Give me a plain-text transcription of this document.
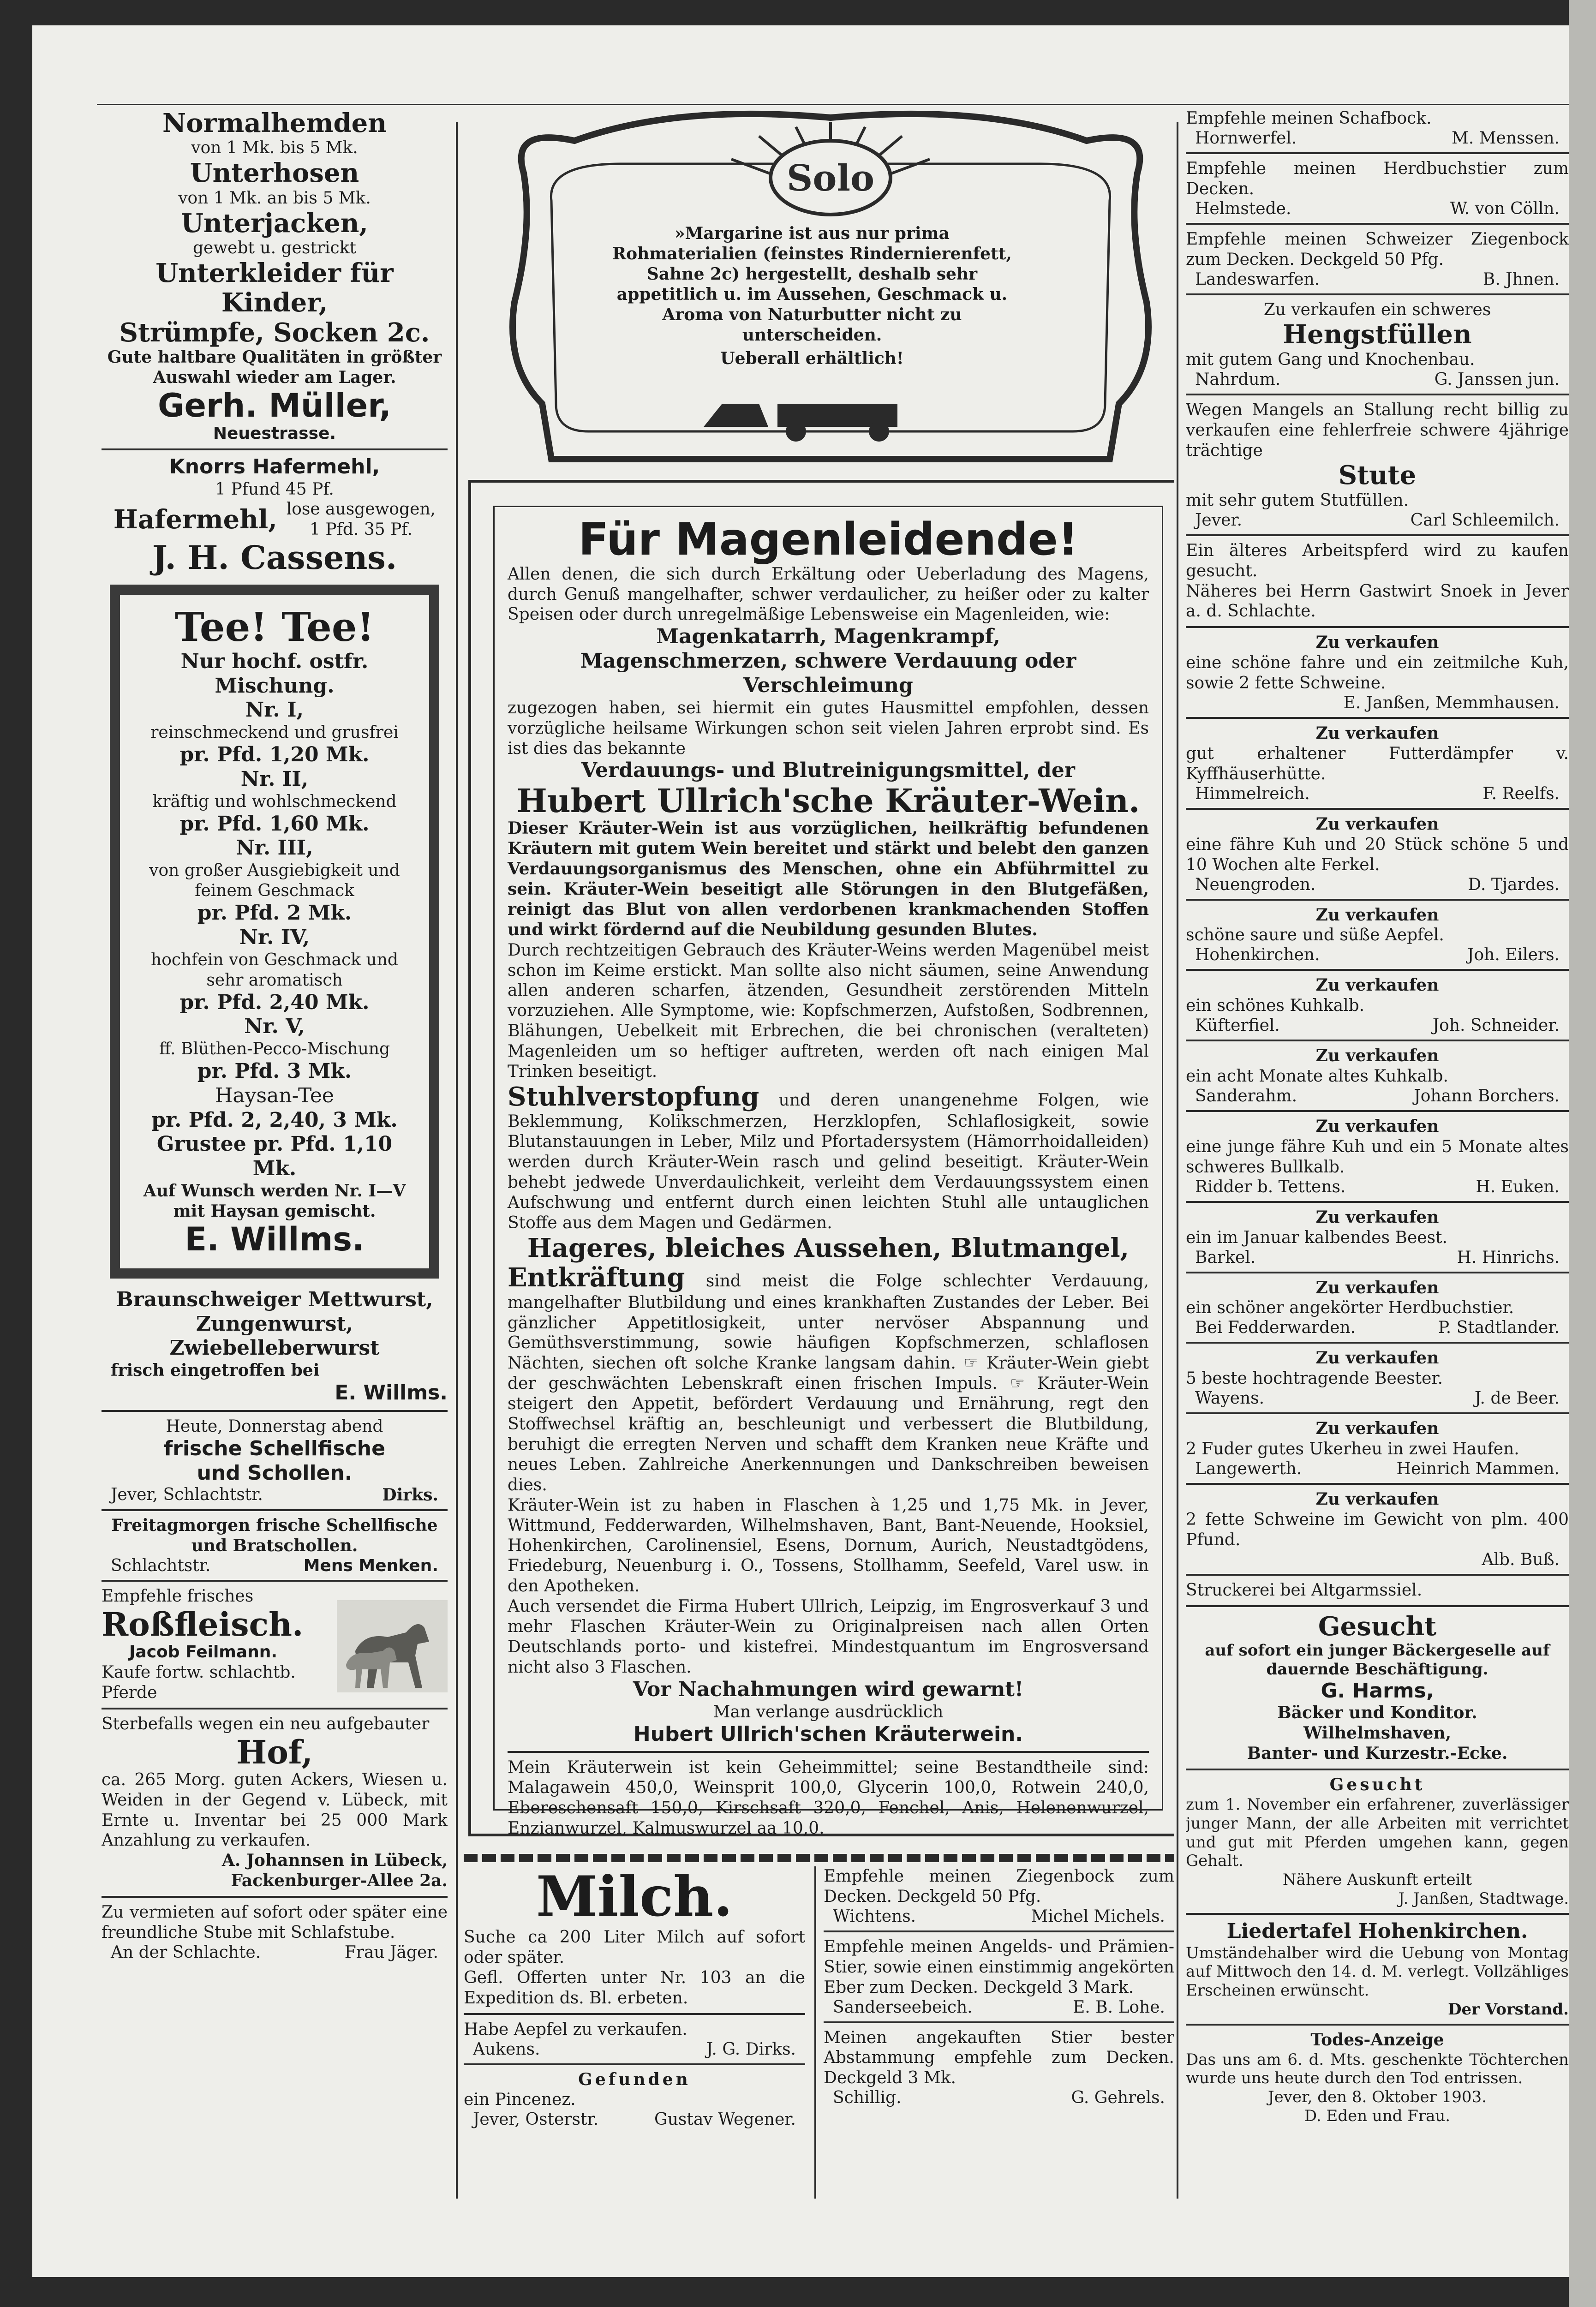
Normalhemden

von 1 Mk. bis 5 Mk.

Unterhosen

von 1 Mk. an bis 5 Mk.

Unterjacken,

gewebt u. gestrickt

Unterkleider für Kinder,

Strümpfe, Socken 2c.

Gute haltbare Qualitäten in größter Auswahl wieder am Lager.

Gerh. Müller,

Neuestrasse.

Knorrs Hafermehl,

1 Pfund 45 Pf.

Hafermehl, lose ausgewogen,
1 Pfd. 35 Pf.

J. H. Cassens.

Tee! Tee!

Nur hochf. ostfr. Mischung.

Nr. I,

reinschmeckend und grusfrei

pr. Pfd. 1,20 Mk.

Nr. II,

kräftig und wohlschmeckend

pr. Pfd. 1,60 Mk.

Nr. III,

von großer Ausgiebigkeit und feinem Geschmack

pr. Pfd. 2 Mk.

Nr. IV,

hochfein von Geschmack und sehr aromatisch

pr. Pfd. 2,40 Mk.

Nr. V,

ff. Blüthen-Pecco-Mischung

pr. Pfd. 3 Mk.

Haysan-Tee

pr. Pfd. 2, 2,40, 3 Mk.

Grustee pr. Pfd. 1,10 Mk.

Auf Wunsch werden Nr. I—V mit Haysan gemischt.

E. Willms.

Braunschweiger Mettwurst,

Zungenwurst, Zwiebelleberwurst

frisch eingetroffen bei

E. Willms.

Heute, Donnerstag abend

frische Schellfische

und Schollen.

Jever, Schlachtstr.	Dirks.

Freitagmorgen frische Schellfische und Bratschollen.

Schlachtstr.	Mens Menken.

Empfehle frisches

Roßfleisch.

Jacob Feilmann.

Kaufe fortw. schlachtb.

Pferde

Sterbefalls wegen ein neu aufgebauter

Hof,

ca. 265 Morg. guten Ackers, Wiesen u. Weiden in der Gegend v. Lübeck, mit Ernte u. Inventar bei 25 000 Mark Anzahlung zu verkaufen.

A. Johannsen in Lübeck, Fackenburger-Allee 2a.

Zu vermieten auf sofort oder später eine freundliche Stube mit Schlafstube.

An der Schlachte.	Frau Jäger.
Solo

»Margarine ist aus nur prima Rohmaterialien (feinstes Rindernierenfett, Sahne 2c) hergestellt, deshalb sehr appetitlich u. im Aussehen, Geschmack u. Aroma von Naturbutter nicht zu unterscheiden.

Ueberall erhältlich!

Für Magenleidende!

Allen denen, die sich durch Erkältung oder Ueberladung des Magens, durch Genuß mangelhafter, schwer verdaulicher, zu heißer oder zu kalter Speisen oder durch unregelmäßige Lebensweise ein Magenleiden, wie:

Magenkatarrh, Magenkrampf,

Magenschmerzen, schwere Verdauung oder Verschleimung

zugezogen haben, sei hiermit ein gutes Hausmittel empfohlen, dessen vorzügliche heilsame Wirkungen schon seit vielen Jahren erprobt sind. Es ist dies das bekannte

Verdauungs- und Blutreinigungsmittel, der

Hubert Ullrich'sche Kräuter-Wein.

Dieser Kräuter-Wein ist aus vorzüglichen, heilkräftig befundenen Kräutern mit gutem Wein bereitet und stärkt und belebt den ganzen Verdauungsorganismus des Menschen, ohne ein Abführmittel zu sein. Kräuter-Wein beseitigt alle Störungen in den Blutgefäßen, reinigt das Blut von allen verdorbenen krankmachenden Stoffen und wirkt fördernd auf die Neubildung gesunden Blutes.

Durch rechtzeitigen Gebrauch des Kräuter-Weins werden Magenübel meist schon im Keime erstickt. Man sollte also nicht säumen, seine Anwendung allen anderen scharfen, ätzenden, Gesundheit zerstörenden Mitteln vorzuziehen. Alle Symptome, wie: Kopfschmerzen, Aufstoßen, Sodbrennen, Blähungen, Uebelkeit mit Erbrechen, die bei chronischen (veralteten) Magenleiden um so heftiger auftreten, werden oft nach einigen Mal Trinken beseitigt.

Stuhlverstopfung und deren unangenehme Folgen, wie Beklemmung, Kolikschmerzen, Herzklopfen, Schlaflosigkeit, sowie Blutanstauungen in Leber, Milz und Pfortadersystem (Hämorrhoidalleiden) werden durch Kräuter-Wein rasch und gelind beseitigt. Kräuter-Wein behebt jedwede Unverdaulichkeit, verleiht dem Verdauungssystem einen Aufschwung und entfernt durch einen leichten Stuhl alle untauglichen Stoffe aus dem Magen und Gedärmen.

Hageres, bleiches Aussehen, Blutmangel,

Entkräftung sind meist die Folge schlechter Verdauung, mangelhafter Blutbildung und eines krankhaften Zustandes der Leber. Bei gänzlicher Appetitlosigkeit, unter nervöser Abspannung und Gemüthsverstimmung, sowie häufigen Kopfschmerzen, schlaflosen Nächten, siechen oft solche Kranke langsam dahin. ☞ Kräuter-Wein giebt der geschwächten Lebenskraft einen frischen Impuls. ☞ Kräuter-Wein steigert den Appetit, befördert Verdauung und Ernährung, regt den Stoffwechsel kräftig an, beschleunigt und verbessert die Blutbildung, beruhigt die erregten Nerven und schafft dem Kranken neue Kräfte und neues Leben. Zahlreiche Anerkennungen und Dankschreiben beweisen dies.

Kräuter-Wein ist zu haben in Flaschen à 1,25 und 1,75 Mk. in Jever, Wittmund, Fedderwarden, Wilhelmshaven, Bant, Bant-Neuende, Hooksiel, Hohenkirchen, Carolinensiel, Esens, Dornum, Aurich, Neustadtgödens, Friedeburg, Neuenburg i. O., Tossens, Stollhamm, Seefeld, Varel usw. in den Apotheken.

Auch versendet die Firma Hubert Ullrich, Leipzig, im Engrosverkauf 3 und mehr Flaschen Kräuter-Wein zu Originalpreisen nach allen Orten Deutschlands porto- und kistefrei. Mindestquantum im Engrosversand nicht also 3 Flaschen.

Vor Nachahmungen wird gewarnt!

Man verlange ausdrücklich

Hubert Ullrich'schen Kräuterwein.

Mein Kräuterwein ist kein Geheimmittel; seine Bestandtheile sind: Malagawein 450,0, Weinsprit 100,0, Glycerin 100,0, Rotwein 240,0, Ebereschensaft 150,0, Kirschsaft 320,0, Fenchel, Anis, Helenenwurzel, Enzianwurzel, Kalmuswurzel aa 10,0.

Milch.

Suche ca 200 Liter Milch auf sofort oder später.

Gefl. Offerten unter Nr. 103 an die Expedition ds. Bl. erbeten.

Habe Aepfel zu verkaufen.

Aukens.	J. G. Dirks.

Gefunden

ein Pincenez.

Jever, Osterstr.	Gustav Wegener.

Empfehle meinen Ziegenbock zum Decken. Deckgeld 50 Pfg.

Wichtens.	Michel Michels.

Empfehle meinen Angelds- und Prämien-Stier, sowie einen einstimmig angekörten Eber zum Decken. Deckgeld 3 Mark.

Sanderseebeich.	E. B. Lohe.

Meinen angekauften Stier bester Abstammung empfehle zum Decken. Deckgeld 3 Mk.

Schillig.	G. Gehrels.

Empfehle meinen Schafbock.

Hornwerfel.	M. Menssen.

Empfehle meinen Herdbuchstier zum Decken.

Helmstede.	W. von Cölln.

Empfehle meinen Schweizer Ziegenbock zum Decken. Deckgeld 50 Pfg.

Landeswarfen.	B. Jhnen.

Zu verkaufen ein schweres

Hengstfüllen

mit gutem Gang und Knochenbau.

Nahrdum.	G. Janssen jun.

Wegen Mangels an Stallung recht billig zu verkaufen eine fehlerfreie schwere 4jährige trächtige

Stute

mit sehr gutem Stutfüllen.

Jever.	Carl Schleemilch.

Ein älteres Arbeitspferd wird zu kaufen gesucht.

Näheres bei Herrn Gastwirt Snoek in Jever a. d. Schlachte.

Zu verkaufen

eine schöne fahre und ein zeitmilche Kuh, sowie 2 fette Schweine.

E. Janßen, Memmhausen.

Zu verkaufen

gut erhaltener Futterdämpfer v. Kyffhäuserhütte.

Himmelreich.	F. Reelfs.

Zu verkaufen

eine fähre Kuh und 20 Stück schöne 5 und 10 Wochen alte Ferkel.

Neuengroden.	D. Tjardes.

Zu verkaufen

schöne saure und süße Aepfel.

Hohenkirchen.	Joh. Eilers.

Zu verkaufen

ein schönes Kuhkalb.

Küfterfiel.	Joh. Schneider.

Zu verkaufen

ein acht Monate altes Kuhkalb.

Sanderahm.	Johann Borchers.

Zu verkaufen

eine junge fähre Kuh und ein 5 Monate altes schweres Bullkalb.

Ridder b. Tettens.	H. Euken.

Zu verkaufen

ein im Januar kalbendes Beest.

Barkel.	H. Hinrichs.

Zu verkaufen

ein schöner angekörter Herdbuchstier.

Bei Fedderwarden.	P. Stadtlander.

Zu verkaufen

5 beste hochtragende Beester.

Wayens.	J. de Beer.

Zu verkaufen

2 Fuder gutes Ukerheu in zwei Haufen.

Langewerth.	Heinrich Mammen.

Zu verkaufen

2 fette Schweine im Gewicht von plm. 400 Pfund.

Alb. Buß.

Struckerei bei Altgarmssiel.

Gesucht

auf sofort ein junger Bäckergeselle auf dauernde Beschäftigung.

G. Harms,

Bäcker und Konditor.

Wilhelmshaven,

Banter- und Kurzestr.-Ecke.

Gesucht

zum 1. November ein erfahrener, zuverlässiger junger Mann, der alle Arbeiten mit verrichtet und gut mit Pferden umgehen kann, gegen Gehalt.

Nähere Auskunft erteilt

J. Janßen, Stadtwage.

Liedertafel Hohenkirchen.

Umständehalber wird die Uebung von Montag auf Mittwoch den 14. d. M. verlegt. Vollzähliges Erscheinen erwünscht.

Der Vorstand.

Todes-Anzeige

Das uns am 6. d. Mts. geschenkte Töchterchen wurde uns heute durch den Tod entrissen.

Jever, den 8. Oktober 1903.

D. Eden und Frau.
